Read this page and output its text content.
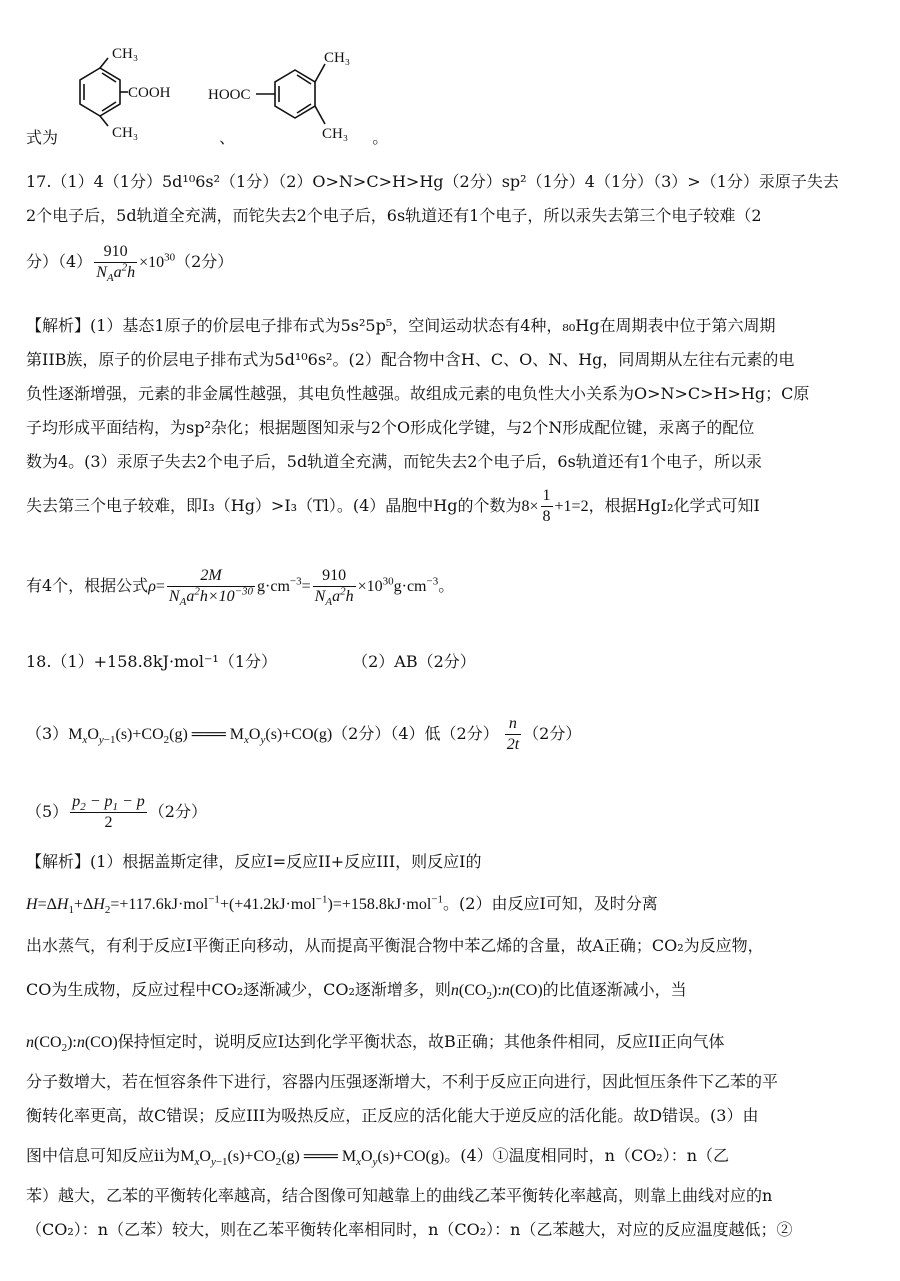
CH₃
CH₃
COOH HOOC
CH₃
CH₃
式为	、	。
17.（1）4（1分）5d¹⁰6s²（1分）（2）O>N>C>H>Hg（2分）sp²（1分）4（1分）（3）>（1分）汞原子失去
2个电子后，5d轨道全充满，而铊失去2个电子后，6s轨道还有1个电子，所以汞失去第三个电子较难（2
分）$(4) \frac{910}{N_Aa^2h} \times 10^{30}(2$分）
【解析】(1）基态1原子的价层电子排布式为5s²5p⁵，空间运动状态有4种，₈₀Hg在周期表中位于第六周期
第IIB族，原子的价层电子排布式为5d¹⁰6s²。(2）配合物中含H、C、O、N、Hg，同周期从左往右元素的电
负性逐渐增强，元素的非金属性越强，其电负性越强。故组成元素的电负性大小关系为O>N>C>H>Hg；C原
子均形成平面结构，为sp²杂化；根据题图知汞与2个O形成化学键，与2个N形成配位键，汞离子的配位
数为4。(3）汞原子失去2个电子后，5d轨道全充满，而铊失去2个电子后，6s轨道还有1个电子，所以汞
失去第三个电子较难，即I₃（Hg）>I₃（Tl）。(4）晶胞中Hg的个数为$8\times \frac{1}{8} +1=2$，根据HgI₂化学式可知I
有4个，根据公式$\rho= \frac{2M}{N_Aa^2h\times 10^{-30}} g\cdot cm^{-3}= \frac{910}{N_Aa^2h} \times 10^{30}g\cdot cm^{-3}$。
18.（1）+158.8kJ·mol⁻¹（1分）	（2）AB（2分）
$(3)M_xO_{y-1}(s)+CO_2(g)$ ═══ $M_xO_y(s)+CO(g)(2$分）（4）低（2分） $\frac{n}{2t} (2$分）
$(5) \frac{p_2 - p_1 - p}{2} (2$分）
【解析】(1）根据盖斯定律，反应I=反应II+反应III，则反应I的
$H=\Delta H_1+\Delta H_2=+117.6kJ\cdot mol^{-1}+(+41.2kJ\cdot mol^{-1})=+158.8kJ\cdot mol^{-1}$。(2）由反应I可知，及时分离
出水蒸气，有利于反应I平衡正向移动，从而提高平衡混合物中苯乙烯的含量，故A正确；CO₂为反应物，
CO为生成物，反应过程中CO₂逐渐减少，CO₂逐渐增多，则$n(CO_2):n(CO)$的比值逐渐减小，当
$n(CO_2):n(CO)$保持恒定时，说明反应I达到化学平衡状态，故B正确；其他条件相同，反应II正向气体
分子数增大，若在恒容条件下进行，容器内压强逐渐增大，不利于反应正向进行，因此恒压条件下乙苯的平
衡转化率更高，故C错误；反应III为吸热反应，正反应的活化能大于逆反应的活化能。故D错误。(3）由
图中信息可知反应ii为$M_xO_{y-1}(s)+CO_2(g)$ ═══ $M_xO_y(s)+CO(g)$。(4）①温度相同时，n（CO₂）：n（乙
苯）越大，乙苯的平衡转化率越高，结合图像可知越靠上的曲线乙苯平衡转化率越高，则靠上曲线对应的n
（CO₂）：n（乙苯）较大，则在乙苯平衡转化率相同时，n（CO₂）：n（乙苯越大，对应的反应温度越低；②
